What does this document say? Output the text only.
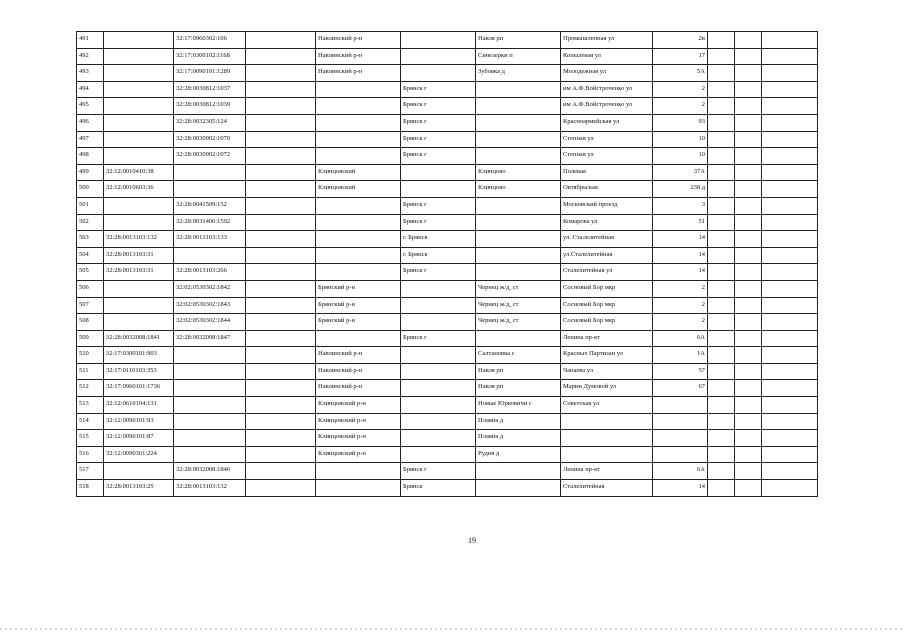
491		32:17:0960302:106		Навлинский р-н		Навля рп	Промышленная ул	2в			
492		32:17:0300102:1168		Навлинский р-н		Синезерки п	Копылевая ул	17			
493		32:17:0090101:1289		Навлинский р-н		Зубовка д	Молодежная ул	5А			
494		32:28:0030812:1037			Брянск г		им А.Ф.Войстроченко ул	2			
495		32:28:0030812:1039			Брянск г		им А.Ф.Войстроченко ул	2			
496		32:28:0032305:124			Брянск г		Красноармейская ул	93			
497		32:28:0030902:1070			Брянск г		Степная ул	10			
498		32:28:0030902:1072			Брянск г		Степная ул	10			
499	32:12:0010410:38			Клинцовский		Клинцово	Полевая	37А			
500	32:12:0010603:36			Клинцовский		Клинцово	Октябрьская	238 д			
501		32:28:0041509:152			Брянск г		Московский проезд	3			
502		32:28:0031406:1592			Брянск г		Комарова ул	51			
503	32:28:0013103:132	32:28:0013103:133			г. Брянск		ул. Сталелитейная	14			
504	32:28:0013103:31				г. Брянск		ул.Сталелитейная	14			
505	32:28:0013103:31	32:28:0013103:266			Брянск г		Сталелитейная ул	14			
506		32:02:0530302:1842		Брянский р-н		Чернец ж/д_ст	Сосновый Бор мкр	2			
507		32:02:0530302:1843		Брянский р-н		Чернец ж/д_ст	Сосновый Бор мкр	2			
508		32:02:0530302:1844		Брянский р-н		Чернец ж/д_ст	Сосновый Бор мкр	2			
509	32:28:0032008:1841	32:28:0032008:1847			Брянск г		Ленина пр-кт	6А			
510	32:17:0300101:903			Навлинский р-н		Салтановка с	Красных Партизан ул	1А			
511	32:17:0110103:353			Навлинский р-н		Навля рп	Чапаева ул	57			
512	32:17:0960101:1736			Навлинский р-н		Навля рп	Марии Думовой ул	67			
513	32:12:0610104:131			Клинцовский р-н		Новые Юрковичи с	Советская ул				
514	32:12:0090101:93			Клинцовский р-н		Плавна д					
515	32:12:0090101:87			Клинцовский р-н		Плавна д					
516	32:12:0090301:224			Клинцовский р-н		Рудня д					
517		32:28:0032008:1846			Брянск г		Ленина пр-кт	6А			
518	32:28:0013103:25	32:28:0013103:132			Брянск		Сталелитейная	14			
19
